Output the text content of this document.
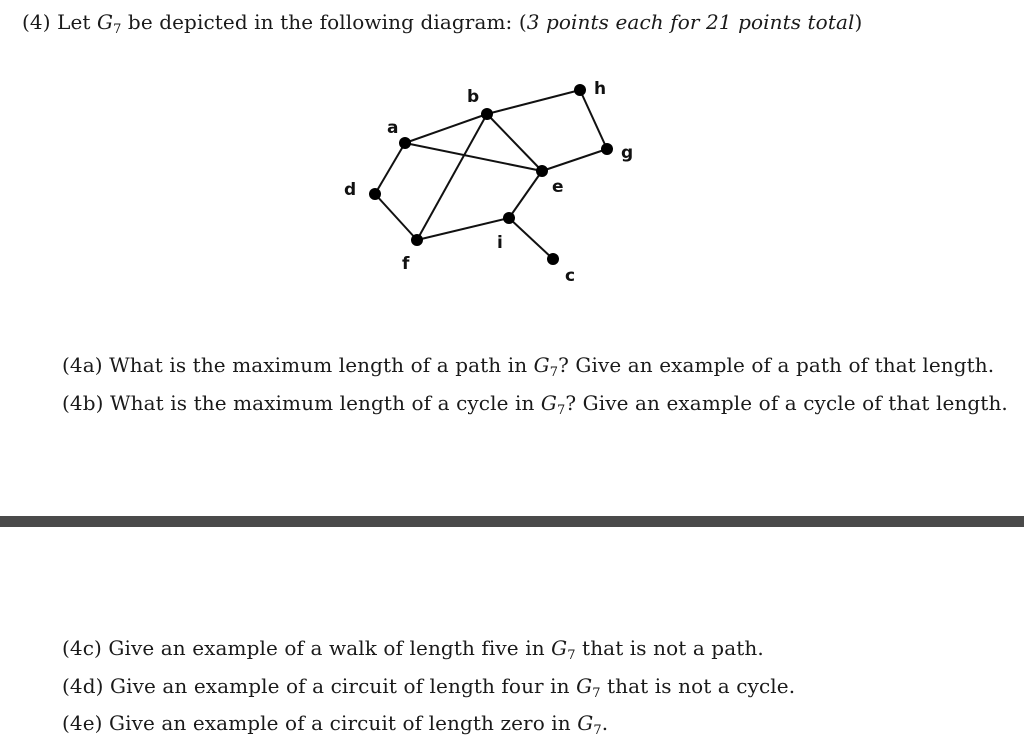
(4) Let $G_7$ be depicted in the following diagram: (3 points each for 21 points total)
a
b	h
g
e
d
f
i
c
(4a) What is the maximum length of a path in $G_7$? Give an example of a path of that length.
(4b) What is the maximum length of a cycle in $G_7$? Give an example of a cycle of that length.
(4c) Give an example of a walk of length five in $G_7$ that is not a path.
(4d) Give an example of a circuit of length four in $G_7$ that is not a cycle.
(4e) Give an example of a circuit of length zero in $G_7$.
